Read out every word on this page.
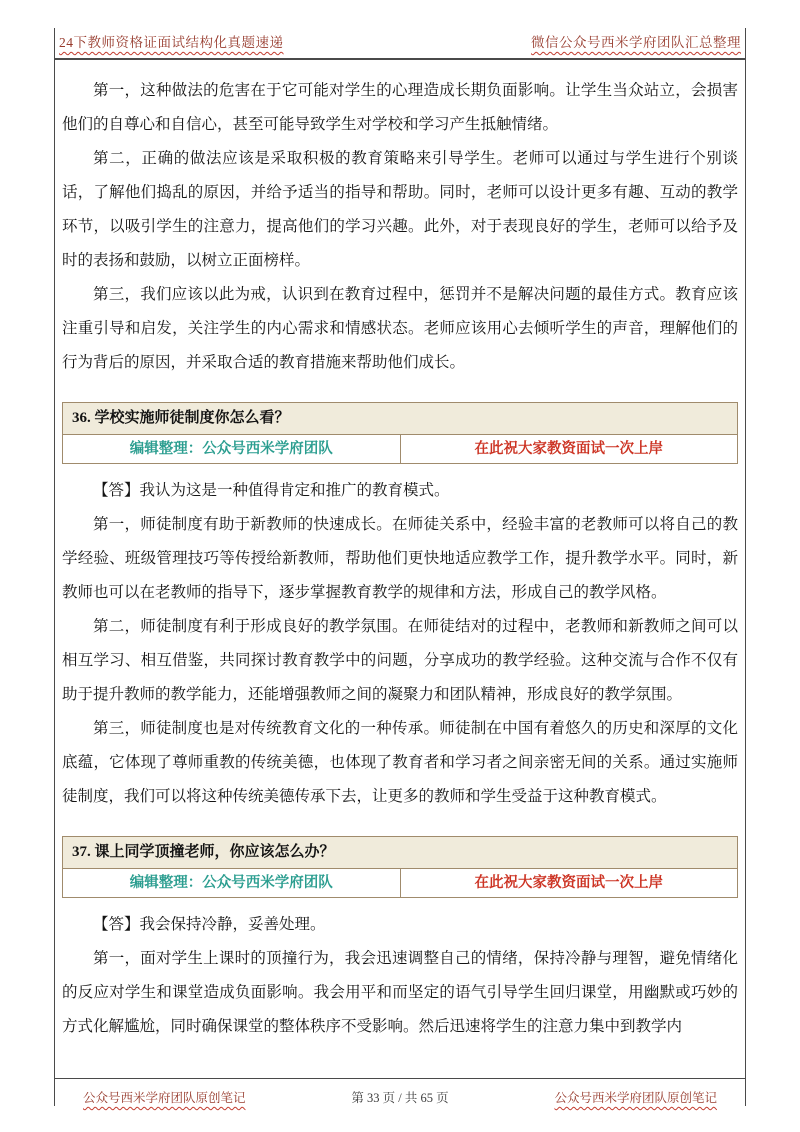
24下教师资格证面试结构化真题速递	微信公众号西米学府团队汇总整理

第一，这种做法的危害在于它可能对学生的心理造成长期负面影响。让学生当众站立，会损害他们的自尊心和自信心，甚至可能导致学生对学校和学习产生抵触情绪。

第二，正确的做法应该是采取积极的教育策略来引导学生。老师可以通过与学生进行个别谈话，了解他们捣乱的原因，并给予适当的指导和帮助。同时，老师可以设计更多有趣、互动的教学环节，以吸引学生的注意力，提高他们的学习兴趣。此外，对于表现良好的学生，老师可以给予及时的表扬和鼓励，以树立正面榜样。

第三，我们应该以此为戒，认识到在教育过程中，惩罚并不是解决问题的最佳方式。教育应该注重引导和启发，关注学生的内心需求和情感状态。老师应该用心去倾听学生的声音，理解他们的行为背后的原因，并采取合适的教育措施来帮助他们成长。

36. 学校实施师徒制度你怎么看？
编辑整理：公众号西米学府团队	在此祝大家教资面试一次上岸

【答】我认为这是一种值得肯定和推广的教育模式。

第一，师徒制度有助于新教师的快速成长。在师徒关系中，经验丰富的老教师可以将自己的教学经验、班级管理技巧等传授给新教师，帮助他们更快地适应教学工作，提升教学水平。同时，新教师也可以在老教师的指导下，逐步掌握教育教学的规律和方法，形成自己的教学风格。

第二，师徒制度有利于形成良好的教学氛围。在师徒结对的过程中，老教师和新教师之间可以相互学习、相互借鉴，共同探讨教育教学中的问题，分享成功的教学经验。这种交流与合作不仅有助于提升教师的教学能力，还能增强教师之间的凝聚力和团队精神，形成良好的教学氛围。

第三，师徒制度也是对传统教育文化的一种传承。师徒制在中国有着悠久的历史和深厚的文化底蕴，它体现了尊师重教的传统美德，也体现了教育者和学习者之间亲密无间的关系。通过实施师徒制度，我们可以将这种传统美德传承下去，让更多的教师和学生受益于这种教育模式。

37. 课上同学顶撞老师，你应该怎么办？
编辑整理：公众号西米学府团队	在此祝大家教资面试一次上岸

【答】我会保持冷静，妥善处理。

第一，面对学生上课时的顶撞行为，我会迅速调整自己的情绪，保持冷静与理智，避免情绪化的反应对学生和课堂造成负面影响。我会用平和而坚定的语气引导学生回归课堂，用幽默或巧妙的方式化解尴尬，同时确保课堂的整体秩序不受影响。然后迅速将学生的注意力集中到教学内

公众号西米学府团队原创笔记	第 33 页 / 共 65 页	公众号西米学府团队原创笔记
